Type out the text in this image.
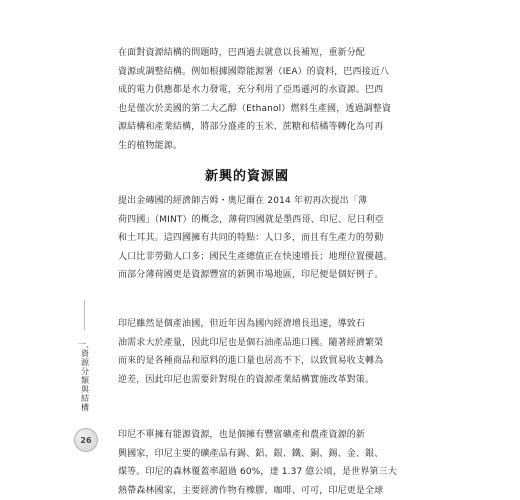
在面對資源結構的問題時，巴西過去就意以長補短，重新分配
資源或調整結構。例如根據國際能源署（IEA）的資料，巴西接近八
成的電力供應都是水力發電，充分利用了亞馬遜河的水資源。巴西
也是僅次於美國的第二大乙醇（Ethanol）燃料生產國，透過調整資
源結構和產業結構，將部分盛產的玉米、蔗糖和桔橘等轉化為可再
生的植物能源。
新興的資源國
提出金磚國的經濟師吉姆・奧尼爾在 2014 年初再次提出「薄
荷四國」（MINT）的概念，薄荷四國就是墨西哥、印尼、尼日利亞
和土耳其。這四國擁有共同的特點：人口多，而且有生產力的勞動
人口比非勞動人口多；國民生產總值正在快速增長；地理位置優越。
而部分薄荷國更是資源豐富的新興市場地區，印尼便是個好例子。
印尼雖然是個產油國，但近年因為國內經濟增長迅速，導致石
油需求大於產量，因此印尼也是個石油產品進口國。隨著經濟繁榮
而來的是各種商品和原料的進口量也居高不下，以致貿易收支轉為
逆差，因此印尼也需要針對現在的資源產業結構實施改革對策。
印尼不單擁有能源資源，也是個擁有豐富礦產和農產資源的新
興國家，印尼主要的礦產品有錫、鋁、銀、鐵、銅、錫、金、銀、
煤等。印尼的森林覆蓋率超過 60%，達 1.37 億公頃，是世界第三大
熱帶森林國家，主要經濟作物有橡膠、咖啡、可可，印尼更是全球
一、資源分類與結構
26
